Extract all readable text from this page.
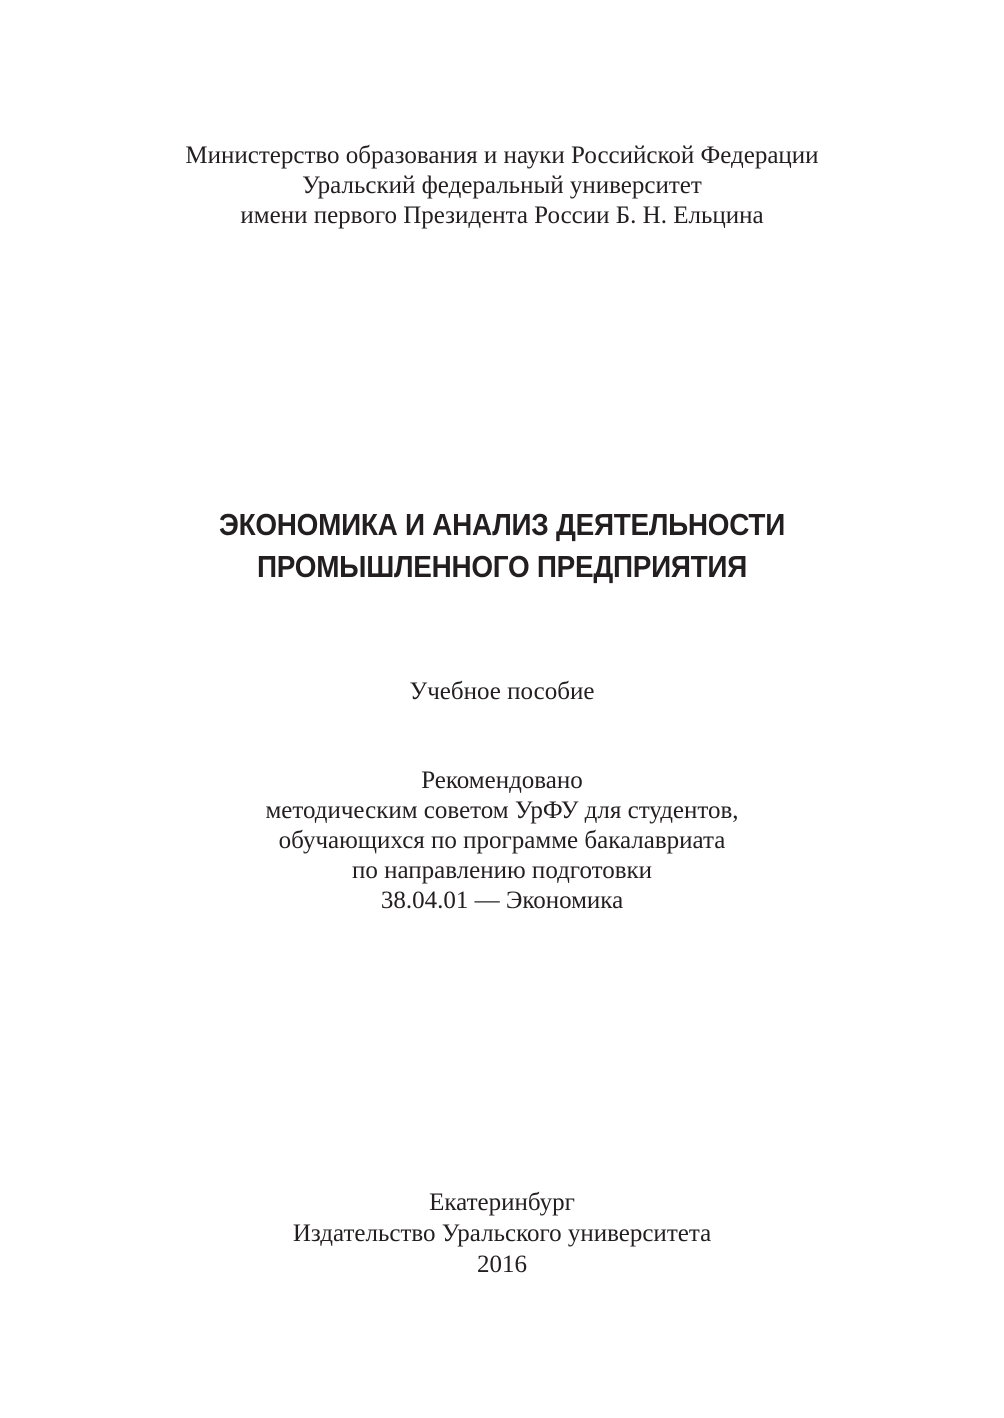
Министерство образования и науки Российской Федерации
Уральский федеральный университет
имени первого Президента России Б. Н. Ельцина
ЭКОНОМИКА И АНАЛИЗ ДЕЯТЕЛЬНОСТИ
ПРОМЫШЛЕННОГО ПРЕДПРИЯТИЯ
Учебное пособие
Рекомендовано
методическим советом УрФУ для студентов,
обучающихся по программе бакалавриата
по направлению подготовки
38.04.01 — Экономика
Екатеринбург
Издательство Уральского университета
2016
